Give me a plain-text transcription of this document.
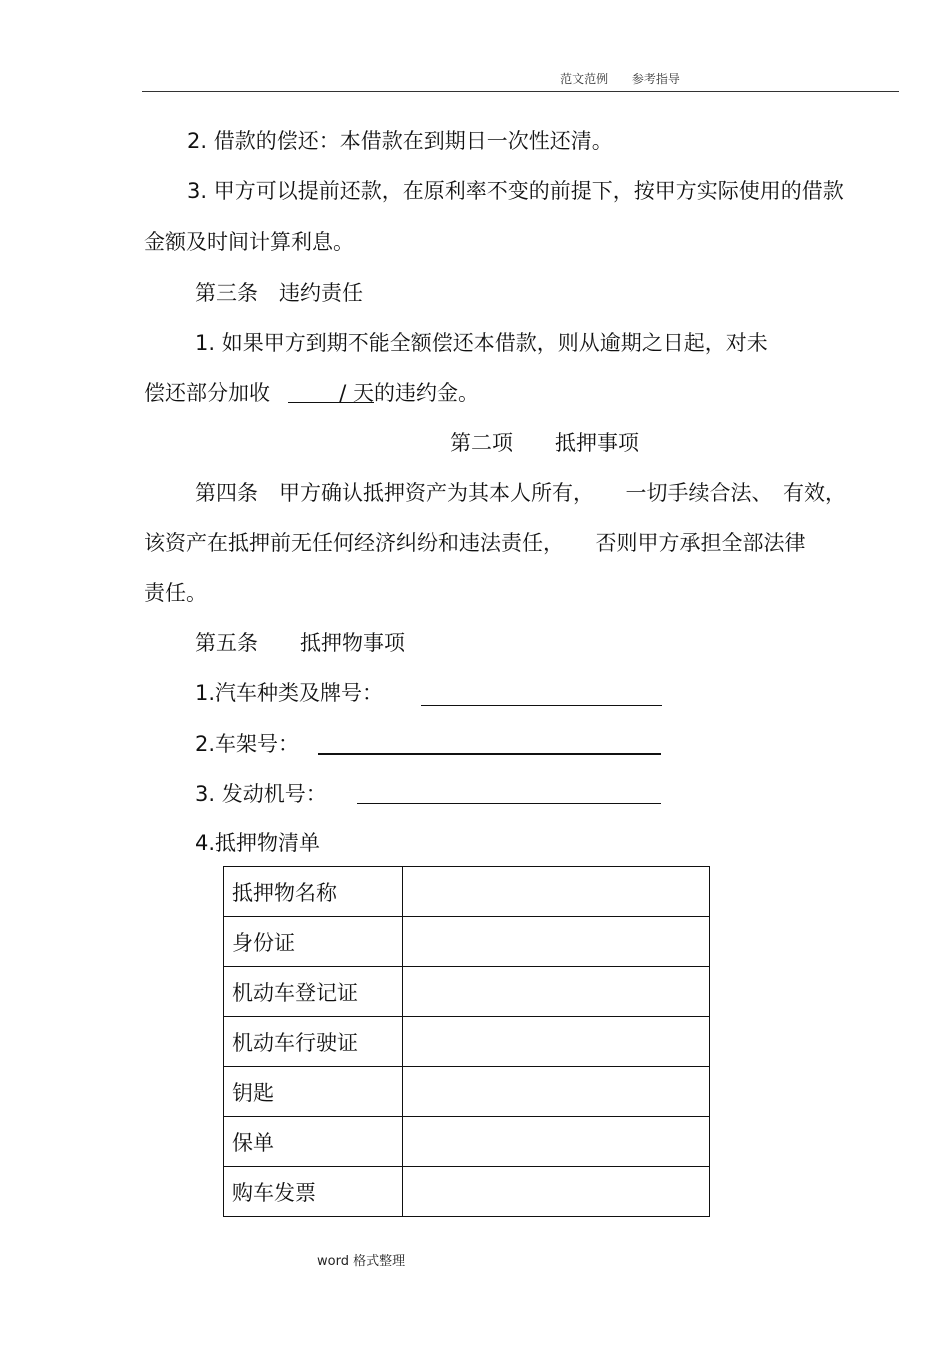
范文范例 参考指导
2. 借款的偿还：本借款在到期日一次性还清。
3. 甲方可以提前还款，在原利率不变的前提下，按甲方实际使用的借款
金额及时间计算利息。
第三条　违约责任
1. 如果甲方到期不能全额偿还本借款，则从逾期之日起，对未
偿还部分加收	/ 天的违约金。
第二项　　抵押事项
第四条　甲方确认抵押资产为其本人所有，　　一切手续合法、　有效，
该资产在抵押前无任何经济纠纷和违法责任，　　否则甲方承担全部法律
责任。
第五条　　抵押物事项
1.汽车种类及牌号：
2.车架号：
3. 发动机号：
4.抵押物清单
抵押物名称	
身份证	
机动车登记证	
机动车行驶证	
钥匙	
保单	
购车发票	
word 格式整理
